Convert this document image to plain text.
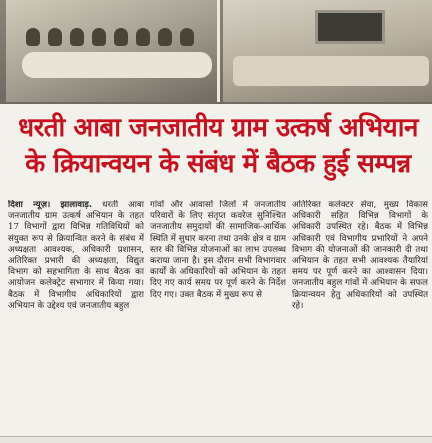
धरती आबा जनजातीय ग्राम उत्कर्ष अभियान
के क्रियान्वयन के संबंध में बैठक हुई सम्पन्न

दिशा न्यूज़। झालावाड़. धरती आबा जनजातीय ग्राम उत्कर्ष अभियान के तहत 17 विभागों द्वारा विभिन्न गतिविधियों को संयुक्त रूप से क्रियान्वित करने के संबंध में अध्यक्षता आवश्यक, अधिकारी प्रशासन, अतिरिक्त प्रभारी की अध्यक्षता, विद्युत विभाग को सहभागिता के साथ बैठक का आयोजन कलेक्ट्रेट सभागार में किया गया। बैठक में विभागीय अधिकारियों द्वारा अभियान के उद्देश्य एवं जनजातीय बहुल

गांवों और आवासों जिलों में जनजातीय परिवारों के लिए संतृप्त कवरेज सुनिश्चित जनजातीय समुदायों की सामाजिक-आर्थिक स्थिति में सुधार करना तथा उनके क्षेत्र व ग्राम स्तर की विभिन्न योजनाओं का लाभ उपलब्ध कराया जाना है। इस दौरान सभी विभागवार कार्यों के अधिकारियों को अभियान के तहत दिए गए कार्य समय पर पूर्ण करने के निर्देश दिए गए। उक्त बैठक में मुख्य रूप से

अतिरिक्त कलेक्टर सेवा, मुख्य विकास अधिकारी सहित विभिन्न विभागों के अधिकारी उपस्थित रहे। बैठक में विभिन्न अधिकारी एवं विभागीय प्रभारियों ने अपने विभाग की योजनाओं की जानकारी दी तथा अभियान के तहत सभी आवश्यक तैयारियां समय पर पूर्ण करने का आश्वासन दिया। जनजातीय बहुल गांवों में अभियान के सफल क्रियान्वयन हेतु अधिकारियों को उपस्थित रहे।
